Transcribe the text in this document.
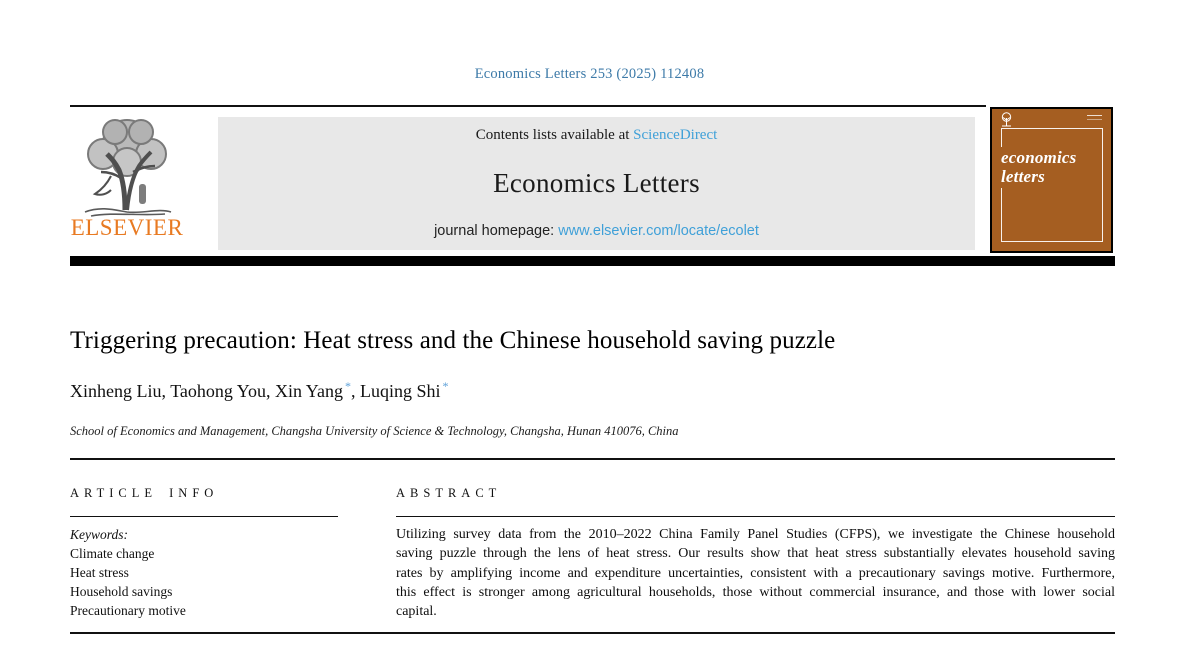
Economics Letters 253 (2025) 112408
ELSEVIER
Contents lists available at ScienceDirect
Economics Letters
journal homepage: www.elsevier.com/locate/ecolet
economics
letters
Triggering precaution: Heat stress and the Chinese household saving puzzle
Xinheng Liu, Taohong You, Xin Yang *, Luqing Shi *
School of Economics and Management, Changsha University of Science & Technology, Changsha, Hunan 410076, China
ARTICLE INFO
Keywords:
Climate change
Heat stress
Household savings
Precautionary motive
ABSTRACT
Utilizing survey data from the 2010–2022 China Family Panel Studies (CFPS), we investigate the Chinese household saving puzzle through the lens of heat stress. Our results show that heat stress substantially elevates household saving rates by amplifying income and expenditure uncertainties, consistent with a precautionary savings motive. Furthermore, this effect is stronger among agricultural households, those without commercial insurance, and those with lower social capital.
